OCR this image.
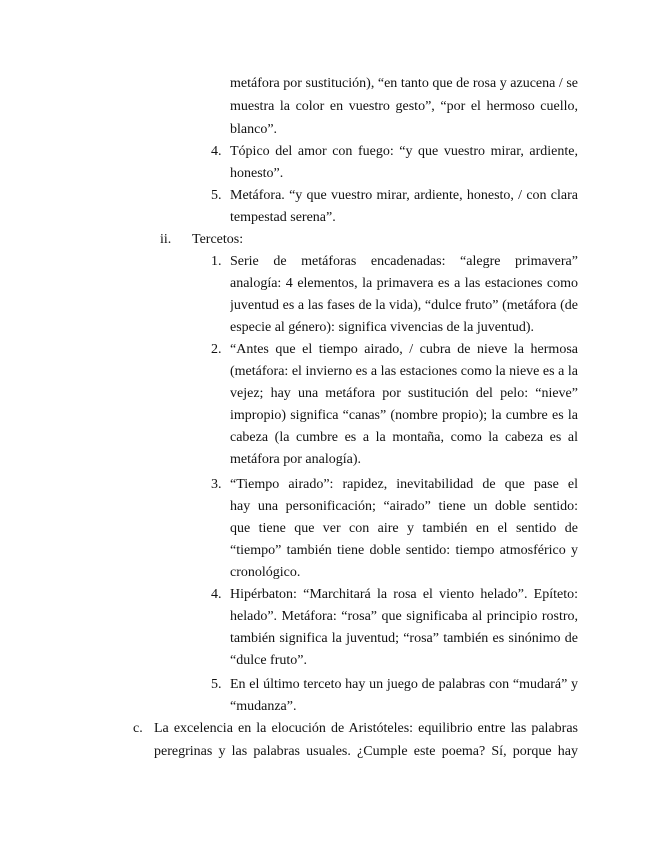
metáfora por sustitución), “en tanto que de rosa y azucena / se
muestra la color en vuestro gesto”, “por el hermoso cuello,
blanco”.
4. Tópico del amor con fuego: “y que vuestro mirar, ardiente,
honesto”.
5. Metáfora. “y que vuestro mirar, ardiente, honesto, / con clara
tempestad serena”.
ii. Tercetos:
1. Serie de metáforas encadenadas: “alegre primavera”
analogía: 4 elementos, la primavera es a las estaciones como
juventud es a las fases de la vida), “dulce fruto” (metáfora (de
especie al género): significa vivencias de la juventud).
2. “Antes que el tiempo airado, / cubra de nieve la hermosa
(metáfora: el invierno es a las estaciones como la nieve es a la
vejez; hay una metáfora por sustitución del pelo: “nieve”
impropio) significa “canas” (nombre propio); la cumbre es la
cabeza (la cumbre es a la montaña, como la cabeza es al
metáfora por analogía).
3. “Tiempo airado”: rapidez, inevitabilidad de que pase el
hay una personificación; “airado” tiene un doble sentido:
que tiene que ver con aire y también en el sentido de
“tiempo” también tiene doble sentido: tiempo atmosférico y
cronológico.
4. Hipérbaton: “Marchitará la rosa el viento helado”. Epíteto:
helado”. Metáfora: “rosa” que significaba al principio rostro,
también significa la juventud; “rosa” también es sinónimo de
“dulce fruto”.
5. En el último terceto hay un juego de palabras con “mudará” y
“mudanza”.
c. La excelencia en la elocución de Aristóteles: equilibrio entre las palabras
peregrinas y las palabras usuales. ¿Cumple este poema? Sí, porque hay
